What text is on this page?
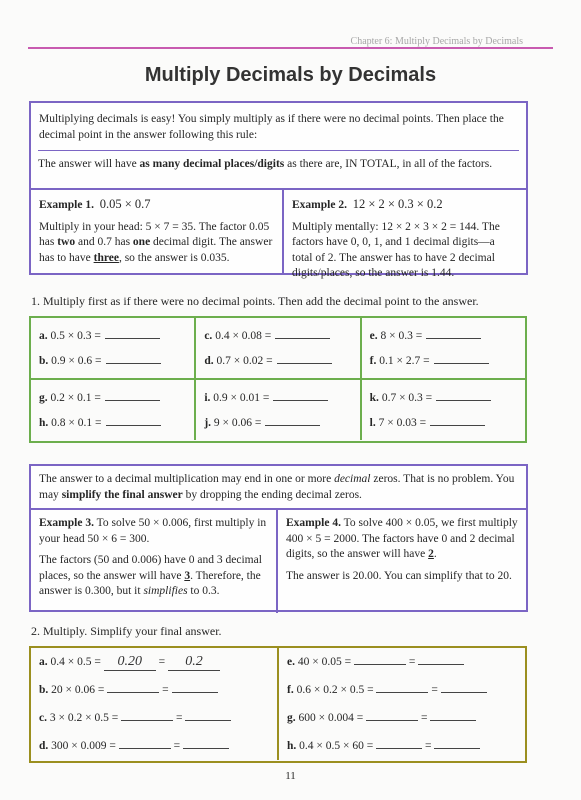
Chapter 6: Multiply Decimals by Decimals
Multiply Decimals by Decimals
Multiplying decimals is easy! You simply multiply as if there were no decimal points. Then place the decimal point in the answer following this rule:
The answer will have as many decimal places/digits as there are, IN TOTAL, in all of the factors.
Example 1. 0.05 × 0.7
Multiply in your head: 5 × 7 = 35. The factor 0.05 has two and 0.7 has one decimal digit. The answer has to have three, so the answer is 0.035.
Example 2. 12 × 2 × 0.3 × 0.2
Multiply mentally: 12 × 2 × 3 × 2 = 144. The factors have 0, 0, 1, and 1 decimal digits—a total of 2. The answer has to have 2 decimal digits/places, so the answer is 1.44.
1. Multiply first as if there were no decimal points. Then add the decimal point to the answer.
a. 0.5 × 0.3 =
b. 0.9 × 0.6 =
c. 0.4 × 0.08 =
d. 0.7 × 0.02 =
e. 8 × 0.3 =
f. 0.1 × 2.7 =
g. 0.2 × 0.1 =
h. 0.8 × 0.1 =
i. 0.9 × 0.01 =
j. 9 × 0.06 =
k. 0.7 × 0.3 =
l. 7 × 0.03 =
The answer to a decimal multiplication may end in one or more decimal zeros. That is no problem. You may simplify the final answer by dropping the ending decimal zeros.
Example 3. To solve 50 × 0.006, first multiply in your head 50 × 6 = 300.
The factors (50 and 0.006) have 0 and 3 decimal places, so the answer will have 3. Therefore, the answer is 0.300, but it simplifies to 0.3.
Example 4. To solve 400 × 0.05, we first multiply 400 × 5 = 2000. The factors have 0 and 2 decimal digits, so the answer will have 2.
The answer is 20.00. You can simplify that to 20.
2. Multiply. Simplify your final answer.
a. 0.4 × 0.5 = 0.20 = 0.2	e. 40 × 0.05 =	=
b. 20 × 0.06 =	=	f. 0.6 × 0.2 × 0.5 =	=
c. 3 × 0.2 × 0.5 =	=	g. 600 × 0.004 =	=
d. 300 × 0.009 =	=	h. 0.4 × 0.5 × 60 =	=
11
